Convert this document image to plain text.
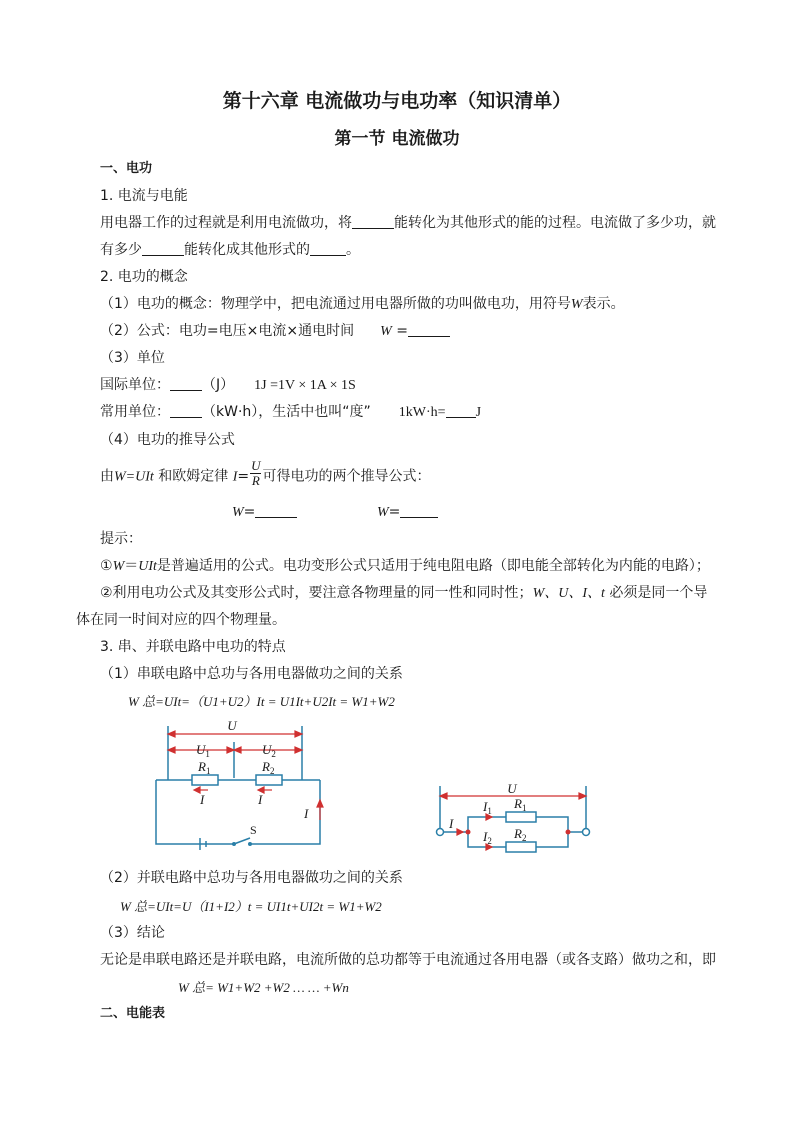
第十六章 电流做功与电功率（知识清单）
第一节 电流做功
一、电功
1. 电流与电能
用电器工作的过程就是利用电流做功，将	能转化为其他形式的能的过程。电流做了多少功，就
有多少	能转化成其他形式的	。
2. 电功的概念
（1）电功的概念：物理学中，把电流通过用电器所做的功叫做电功，用符号W表示。
（2）公式：电功=电压×电流×通电时间 W =
（3）单位
国际单位： （J） 1J =1V × 1A × 1S
常用单位： （kW·h），生活中也叫“度” 1kW·h= J
（4）电功的推导公式
由W=UIt 和欧姆定律 $I= \frac{U}{R}$ 可得电功的两个推导公式：
W=	W=
提示：
①W＝UIt是普遍适用的公式。电功变形公式只适用于纯电阻电路（即电能全部转化为内能的电路）；
②利用电功公式及其变形公式时，要注意各物理量的同一性和同时性；W、U、I、t 必须是同一个导
体在同一时间对应的四个物理量。
3. 串、并联电路中电功的特点
（1）串联电路中总功与各用电器做功之间的关系
W 总=UIt=（U1+U2）It = U1It+U2It = W1+W2
U
$U_1$	$U_2$
$R_1$	$R_2$
I	I
I
S
U
I
$I_1$
$I_2$
$R_1$
$R_2$
（2）并联电路中总功与各用电器做功之间的关系
W 总=UIt=U（I1+I2）t = UI1t+UI2t = W1+W2
（3）结论
无论是串联电路还是并联电路，电流所做的总功都等于电流通过各用电器（或各支路）做功之和，即
W 总= W1+W2 +W2 … … +Wn
二、电能表
